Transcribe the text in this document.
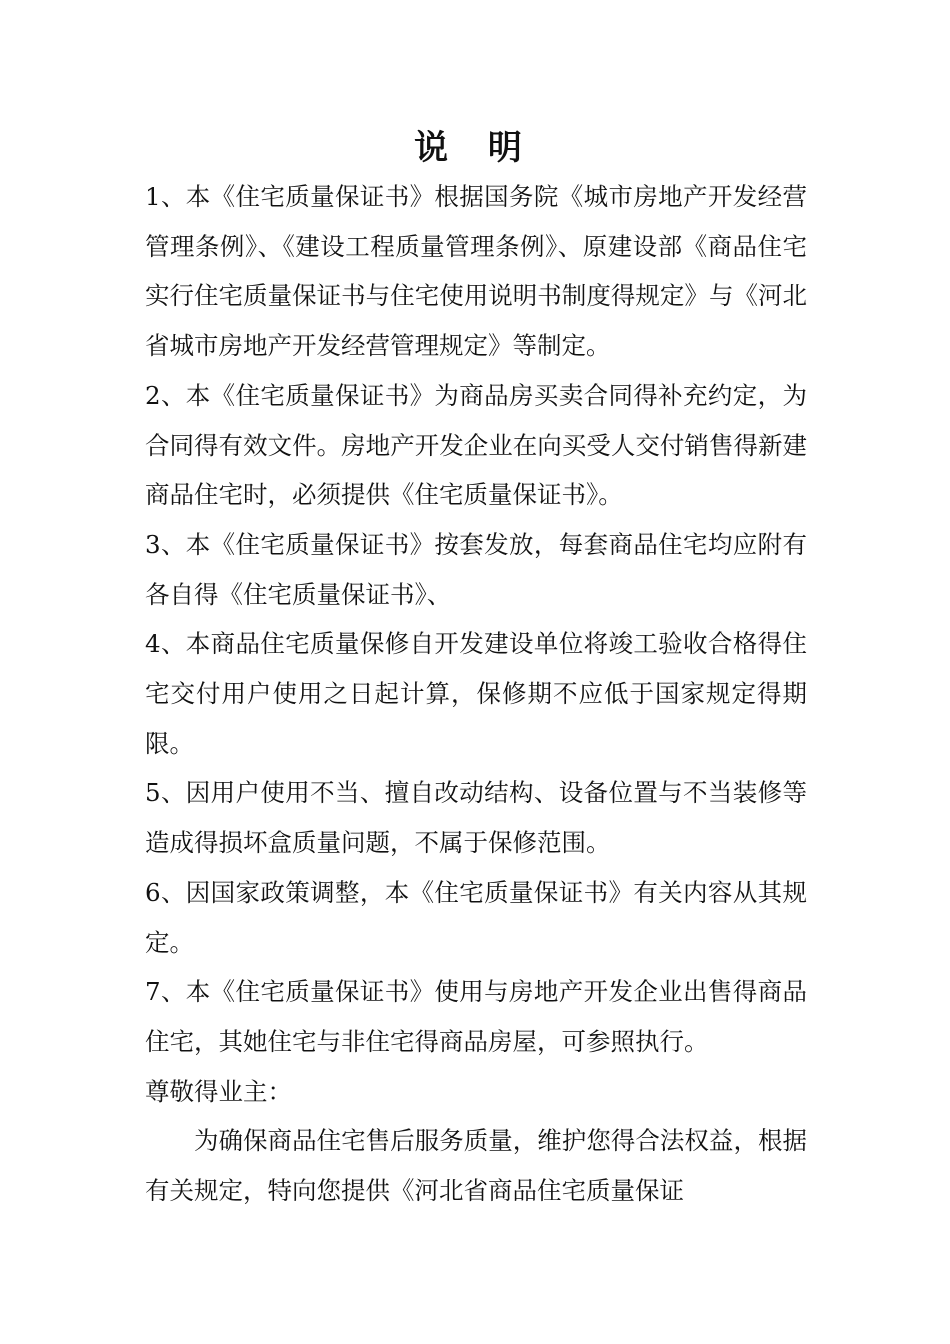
说 明

1、本《住宅质量保证书》根据国务院《城市房地产开发经营管理条例》、《建设工程质量管理条例》、原建设部《商品住宅实行住宅质量保证书与住宅使用说明书制度得规定》与《河北省城市房地产开发经营管理规定》等制定。

2、本《住宅质量保证书》为商品房买卖合同得补充约定，为合同得有效文件。房地产开发企业在向买受人交付销售得新建商品住宅时，必须提供《住宅质量保证书》。

3、本《住宅质量保证书》按套发放，每套商品住宅均应附有各自得《住宅质量保证书》、

4、本商品住宅质量保修自开发建设单位将竣工验收合格得住宅交付用户使用之日起计算，保修期不应低于国家规定得期限。

5、因用户使用不当、擅自改动结构、设备位置与不当装修等造成得损坏盒质量问题，不属于保修范围。

6、因国家政策调整，本《住宅质量保证书》有关内容从其规定。

7、本《住宅质量保证书》使用与房地产开发企业出售得商品住宅，其她住宅与非住宅得商品房屋，可参照执行。

尊敬得业主：

为确保商品住宅售后服务质量，维护您得合法权益，根据有关规定，特向您提供《河北省商品住宅质量保证
